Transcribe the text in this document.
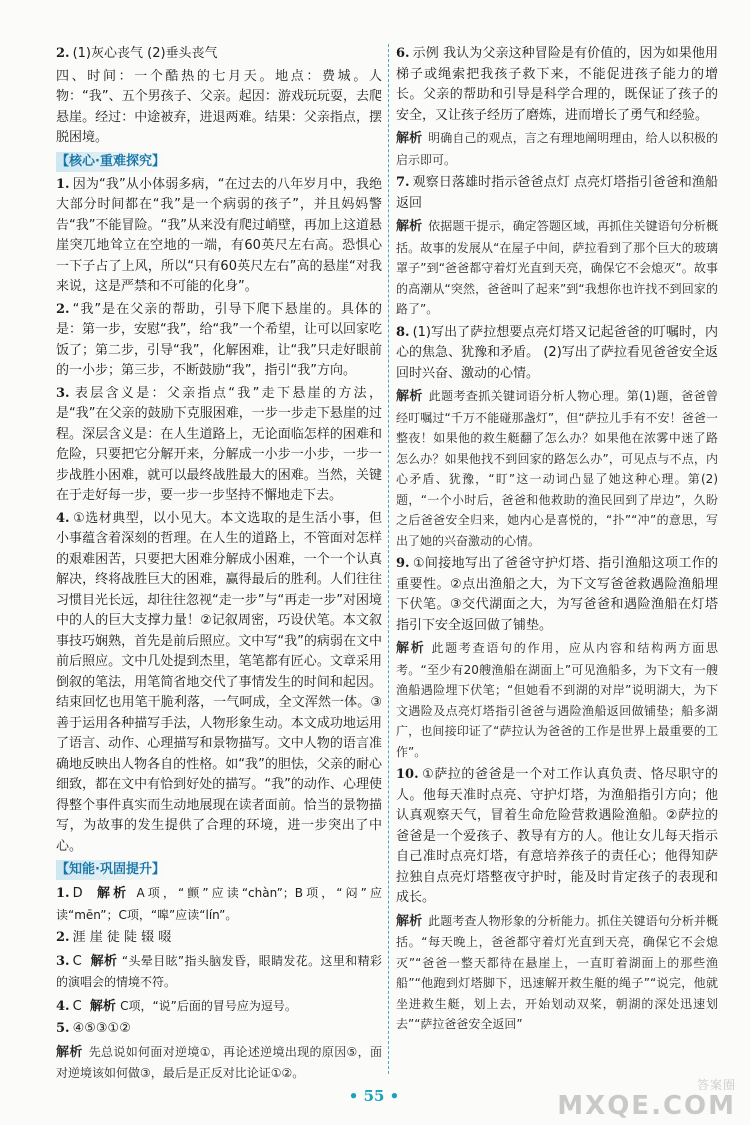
2. (1)灰心丧气 (2)垂头丧气

四、时间：一个酷热的七月天。地点：费城。人物：“我”、五个男孩子、父亲。起因：游戏玩玩耍，去爬悬崖。经过：中途被弃，进退两难。结果：父亲指点，摆脱困境。

【核心·重难探究】

1. 因为“我”从小体弱多病，“在过去的八年岁月中，我绝大部分时间都在“我”是一个病弱的孩子”，并且妈妈警告“我”不能冒险。“我”从来没有爬过峭壁，再加上这道悬崖突兀地耸立在空地的一端，有60英尺左右高。恐惧心一下子占了上风，所以“只有60英尺左右”高的悬崖“对我来说，这是严禁和不可能的化身”。

2. “我”是在父亲的帮助，引导下爬下悬崖的。具体的是：第一步，安慰“我”，给“我”一个希望，让可以回家吃饭了；第二步，引导“我”，化解困难，让“我”只走好眼前的一小步；第三步，不断鼓励“我”，指引“我”方向。

3. 表层含义是：父亲指点“我”走下悬崖的方法，是“我”在父亲的鼓励下克服困难，一步一步走下悬崖的过程。深层含义是：在人生道路上，无论面临怎样的困难和危险，只要把它分解开来，分解成一小步一小步，一步一步战胜小困难，就可以最终战胜最大的困难。当然，关键在于走好每一步，要一步一步坚持不懈地走下去。

4. ①选材典型，以小见大。本文选取的是生活小事，但小事蕴含着深刻的哲理。在人生的道路上，不管面对怎样的艰难困苦，只要把大困难分解成小困难，一个一个认真解决，终将战胜巨大的困难，赢得最后的胜利。人们往往习惯目光长远，却往往忽视“走一步”与“再走一步”对困境中的人的巨大支撑力量！②记叙周密，巧设伏笔。本文叙事技巧娴熟，首先是前后照应。文中写“我”的病弱在文中前后照应。文中几处提到杰里，笔笔都有匠心。文章采用倒叙的笔法，用笔简省地交代了事情发生的时间和起因。结束回忆也用笔干脆利落，一气呵成，全文浑然一体。③善于运用各种描写手法，人物形象生动。本文成功地运用了语言、动作、心理描写和景物描写。文中人物的语言准确地反映出人物各自的性格。如“我”的胆怯，父亲的耐心细致，都在文中有恰到好处的描写。“我”的动作、心理使得整个事件真实而生动地展现在读者面前。恰当的景物描写，为故事的发生提供了合理的环境，进一步突出了中心。

【知能·巩固提升】

1. D 解析 A项，“颤”应读“chàn”；B项，“闷”应读“mēn”；C项，“嗥”应读“lín”。

2. 涯 崖 徒 陡 辍 啜

3. C 解析 “头晕目眩”指头脑发昏，眼睛发花。这里和精彩的演唱会的情境不符。

4. C 解析 C项，“说”后面的冒号应为逗号。

5. ④⑤③①②

解析 先总说如何面对逆境①，再论述逆境出现的原因⑤，面对逆境该如何做③，最后是正反对比论证①②。

6. 示例 我认为父亲这种冒险是有价值的，因为如果他用梯子或绳索把我孩子救下来，不能促进孩子能力的增长。父亲的帮助和引导是科学合理的，既保证了孩子的安全，又让孩子经历了磨炼，进而增长了勇气和经验。

解析 明确自己的观点，言之有理地阐明理由，给人以积极的启示即可。

7. 观察日落雄时指示爸爸点灯 点亮灯塔指引爸爸和渔船返回

解析 依据题干提示，确定答题区域，再抓住关键语句分析概括。故事的发展从“在屋子中间，萨拉看到了那个巨大的玻璃罩子”到“爸爸都守着灯光直到天亮，确保它不会熄灭”。故事的高潮从“突然，爸爸叫了起来”到“我想你也许找不到回家的路了”。

8. (1)写出了萨拉想要点亮灯塔又记起爸爸的叮嘱时，内心的焦急、犹豫和矛盾。 (2)写出了萨拉看见爸爸安全返回时兴奋、激动的心情。

解析 此题考查抓关键词语分析人物心理。第(1)题，爸爸曾经叮嘱过“千万不能碰那盏灯”，但“萨拉儿手有不安！爸爸一整夜！如果他的救生艇翻了怎么办？如果他在浓雾中迷了路怎么办？如果他找不到回家的路怎么办”，可见点与不点，内心矛盾、犹豫，“盯”这一动词凸显了她这种心理。第(2)题，“一个小时后，爸爸和他救助的渔民回到了岸边”，久盼之后爸爸安全归来，她内心是喜悦的，“扑”“冲”的意思，写出了她的兴奋激动的心情。

9. ①间接地写出了爸爸守护灯塔、指引渔船这项工作的重要性。②点出渔船之大，为下文写爸爸救遇险渔船埋下伏笔。③交代湖面之大，为写爸爸和遇险渔船在灯塔指引下安全返回做了铺垫。

解析 此题考查语句的作用，应从内容和结构两方面思考。“至少有20艘渔船在湖面上”可见渔船多，为下文有一艘渔船遇险埋下伏笔；“但她看不到湖的对岸”说明湖大，为下文遇险及点亮灯塔指引爸爸与遇险渔船返回做铺垫；船多湖广，也间接印证了“萨拉认为爸爸的工作是世界上最重要的工作”。

10. ①萨拉的爸爸是一个对工作认真负责、恪尽职守的人。他每天准时点亮、守护灯塔，为渔船指引方向；他认真观察天气，冒着生命危险营救遇险渔船。②萨拉的爸爸是一个爱孩子、教导有方的人。他让女儿每天指示自己准时点亮灯塔，有意培养孩子的责任心；他得知萨拉独自点亮灯塔整夜守护时，能及时肯定孩子的表现和成长。

解析 此题考查人物形象的分析能力。抓住关键语句分析并概括。“每天晚上，爸爸都守着灯光直到天亮，确保它不会熄灭”“爸爸一整天都待在悬崖上，一直盯着湖面上的那些渔船”“他跑到灯塔脚下，迅速解开救生艇的绳子”“说完，他就坐进救生艇，划上去，开始划动双桨，朝湖的深处迅速划去”“萨拉爸爸安全返回”

• 55 •
答案圈
MXQE.COM
